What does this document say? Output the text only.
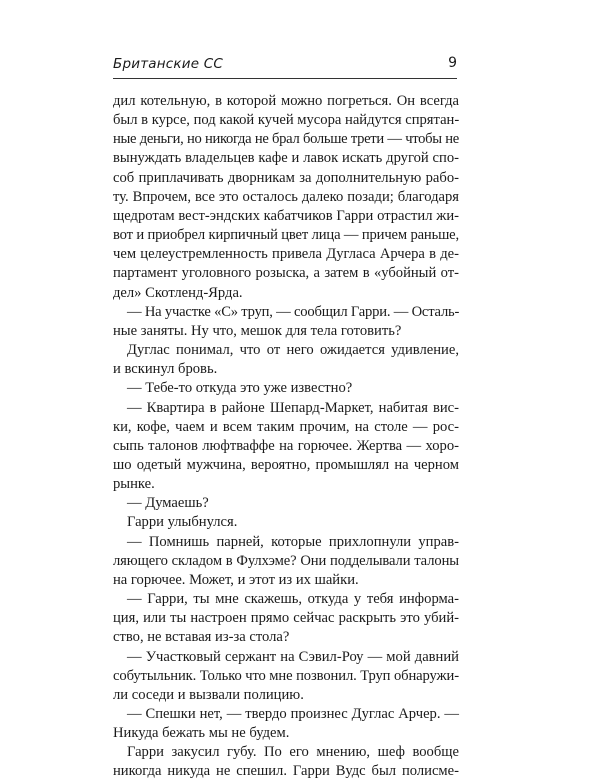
Британские СС	9

дил котельную, в которой можно погреться. Он всегда
был в курсе, под какой кучей мусора найдутся спрятан-
ные деньги, но никогда не брал больше трети — чтобы не
вынуждать владельцев кафе и лавок искать другой спо-
соб приплачивать дворникам за дополнительную рабо-
ту. Впрочем, все это осталось далеко позади; благодаря
щедротам вест-эндских кабатчиков Гарри отрастил жи-
вот и приобрел кирпичный цвет лица — причем раньше,
чем целеустремленность привела Дугласа Арчера в де-
партамент уголовного розыска, а затем в «убойный от-
дел» Скотленд-Ярда.

— На участке «С» труп, — сообщил Гарри. — Осталь-
ные заняты. Ну что, мешок для тела готовить?

Дуглас понимал, что от него ожидается удивление,
и вскинул бровь.

— Тебе-то откуда это уже известно?

— Квартира в районе Шепард-Маркет, набитая вис-
ки, кофе, чаем и всем таким прочим, на столе — рос-
сыпь талонов люфтваффе на горючее. Жертва — хоро-
шо одетый мужчина, вероятно, промышлял на черном
рынке.

— Думаешь?

Гарри улыбнулся.

— Помнишь парней, которые прихлопнули управ-
ляющего складом в Фулхэме? Они подделывали талоны
на горючее. Может, и этот из их шайки.

— Гарри, ты мне скажешь, откуда у тебя информа-
ция, или ты настроен прямо сейчас раскрыть это убий-
ство, не вставая из-за стола?

— Участковый сержант на Сэвил-Роу — мой давний
собутыльник. Только что мне позвонил. Труп обнаружи-
ли соседи и вызвали полицию.

— Спешки нет, — твердо произнес Дуглас Арчер. —
Никуда бежать мы не будем.

Гарри закусил губу. По его мнению, шеф вообще
никогда никуда не спешил. Гарри Вудс был полисме-
